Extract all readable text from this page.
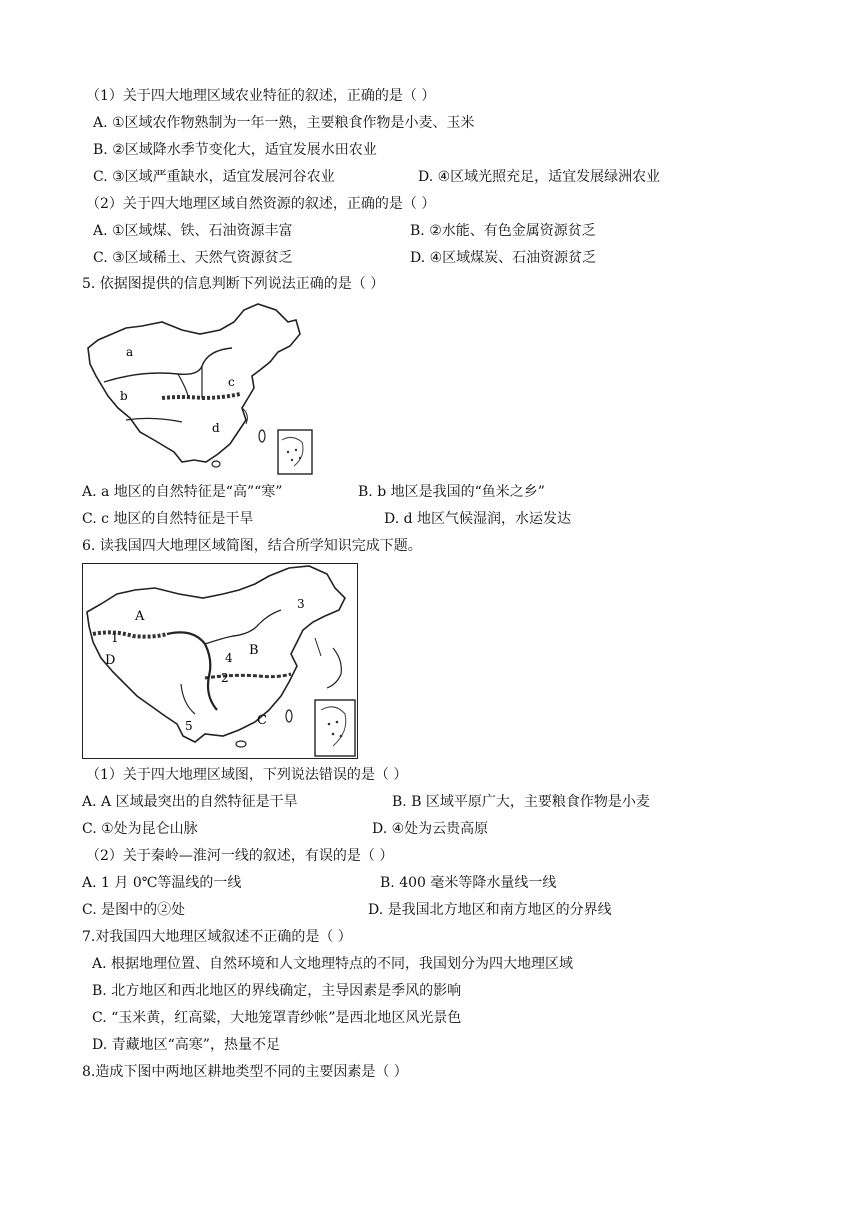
（1）关于四大地理区域农业特征的叙述，正确的是（ ）
A. ①区域农作物熟制为一年一熟，主要粮食作物是小麦、玉米
B. ②区域降水季节变化大，适宜发展水田农业
C. ③区域严重缺水，适宜发展河谷农业	D. ④区域光照充足，适宜发展绿洲农业
（2）关于四大地理区域自然资源的叙述，正确的是（ ）
A. ①区域煤、铁、石油资源丰富	B. ②水能、有色金属资源贫乏
C. ③区域稀土、天然气资源贫乏	D. ④区域煤炭、石油资源贫乏
5. 依据图提供的信息判断下列说法正确的是（ ）
a
b
c
d
A. a 地区的自然特征是“高”“寒”	B. b 地区是我国的“鱼米之乡”
C. c 地区的自然特征是干旱	D. d 地区气候湿润，水运发达
6. 读我国四大地理区域简图，结合所学知识完成下题。
A
B
C
D
1
2
3
4
5
（1）关于四大地理区域图，下列说法错误的是（ ）
A. A 区域最突出的自然特征是干旱	B. B 区域平原广大，主要粮食作物是小麦
C. ①处为昆仑山脉	D. ④处为云贵高原
（2）关于秦岭—淮河一线的叙述，有误的是（ ）
A. 1 月 0℃等温线的一线	B. 400 毫米等降水量线一线
C. 是图中的②处	D. 是我国北方地区和南方地区的分界线
7.对我国四大地理区域叙述不正确的是（ ）
A. 根据地理位置、自然环境和人文地理特点的不同，我国划分为四大地理区域
B. 北方地区和西北地区的界线确定，主导因素是季风的影响
C. “玉米黄，红高粱，大地笼罩青纱帐”是西北地区风光景色
D. 青藏地区“高寒”，热量不足
8.造成下图中两地区耕地类型不同的主要因素是（ ）
